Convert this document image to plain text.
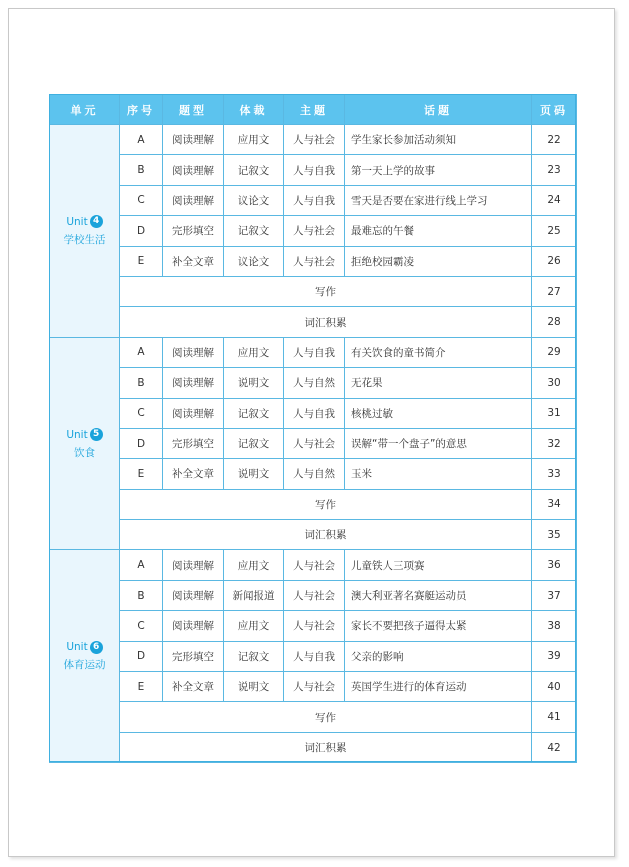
单元	序号	题型	体裁	主题	话题	页码

Unit 4
学校生活	A	阅读理解	应用文	人与社会	学生家长参加活动须知	22
	B	阅读理解	记叙文	人与自我	第一天上学的故事	23
	C	阅读理解	议论文	人与自我	雪天是否要在家进行线上学习	24
	D	完形填空	记叙文	人与社会	最难忘的午餐	25
	E	补全文章	议论文	人与社会	拒绝校园霸凌	26
	写作					27
	词汇积累					28

Unit 5
饮食	A	阅读理解	应用文	人与自我	有关饮食的童书简介	29
	B	阅读理解	说明文	人与自然	无花果	30
	C	阅读理解	记叙文	人与自我	核桃过敏	31
	D	完形填空	记叙文	人与社会	误解“带一个盘子”的意思	32
	E	补全文章	说明文	人与自然	玉米	33
	写作					34
	词汇积累					35

Unit 6
体育运动	A	阅读理解	应用文	人与社会	儿童铁人三项赛	36
	B	阅读理解	新闻报道	人与社会	澳大利亚著名赛艇运动员	37
	C	阅读理解	应用文	人与社会	家长不要把孩子逼得太紧	38
	D	完形填空	记叙文	人与自我	父亲的影响	39
	E	补全文章	说明文	人与社会	英国学生进行的体育运动	40
	写作					41
	词汇积累					42
